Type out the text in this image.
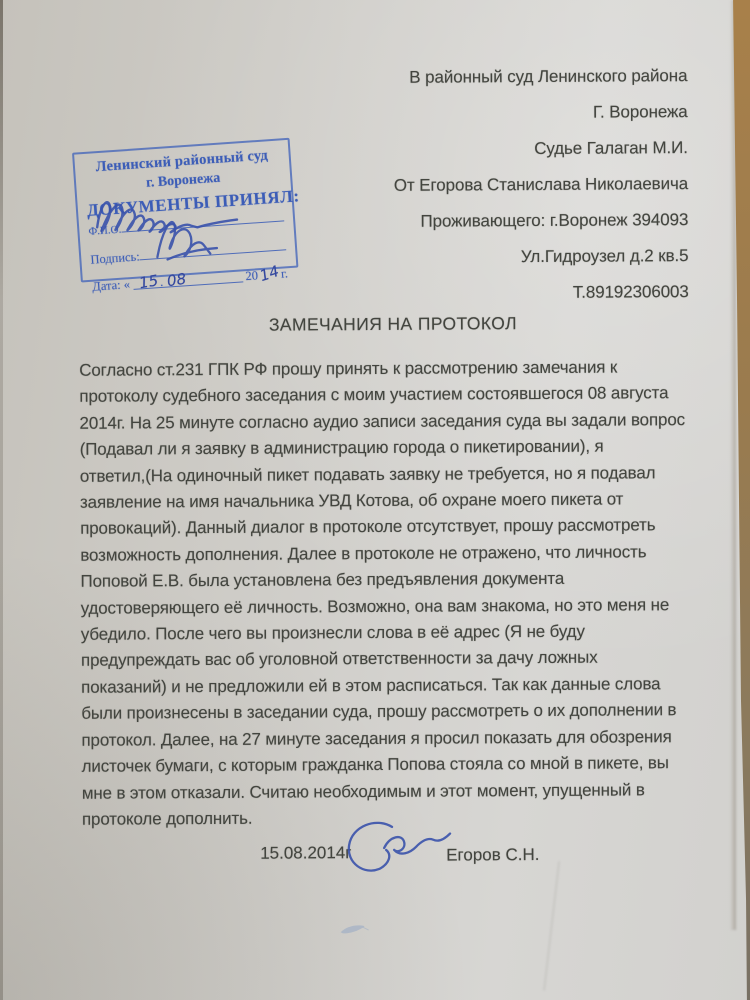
В районный суд Ленинского района
Г. Воронежа
Судье Галаган М.И.
От Егорова Станислава Николаевича
Проживающего: г.Воронеж 394093
Ул.Гидроузел д.2 кв.5
Т.89192306003
Ленинский районный суд
г. Воронежа
ДОКУМЕНТЫ ПРИНЯЛ:
Ф.И.О.
Подпись:
Дата: « 15 . 08	20 14 г.
ЗАМЕЧАНИЯ НА ПРОТОКОЛ
Согласно ст.231 ГПК РФ прошу принять к рассмотрению замечания к
протоколу судебного заседания с моим участием состоявшегося 08 августа
2014г. На 25 минуте согласно аудио записи заседания суда вы задали вопрос
(Подавал ли я заявку в администрацию города о пикетировании), я
ответил,(На одиночный пикет подавать заявку не требуется, но я подавал
заявление на имя начальника УВД Котова, об охране моего пикета от
провокаций). Данный диалог в протоколе отсутствует, прошу рассмотреть
возможность дополнения. Далее в протоколе не отражено, что личность
Поповой Е.В. была установлена без предъявления документа
удостоверяющего её личность. Возможно, она вам знакома, но это меня не
убедило. После чего вы произнесли слова в её адрес (Я не буду
предупреждать вас об уголовной ответственности за дачу ложных
показаний) и не предложили ей в этом расписаться. Так как данные слова
были произнесены в заседании суда, прошу рассмотреть о их дополнении в
протокол. Далее, на 27 минуте заседания я просил показать для обозрения
листочек бумаги, с которым гражданка Попова стояла со мной в пикете, вы
мне в этом отказали. Считаю необходимым и этот момент, упущенный в
протоколе дополнить.
15.08.2014г	Егоров С.Н.
